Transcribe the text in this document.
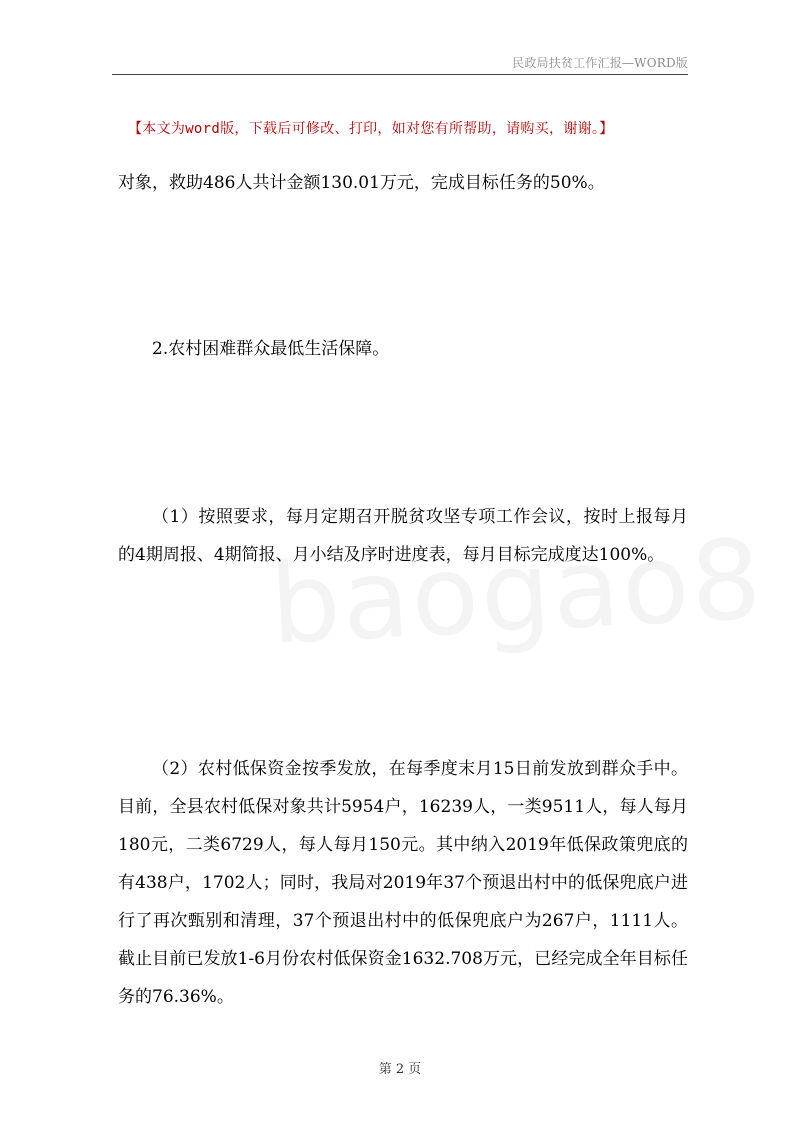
民政局扶贫工作汇报—WORD版
【本文为word版，下载后可修改、打印，如对您有所帮助，请购买，谢谢。】
对象，救助486人共计金额130.01万元，完成目标任务的50%。
2.农村困难群众最低生活保障。
（1）按照要求，每月定期召开脱贫攻坚专项工作会议，按时上报每月的4期周报、4期简报、月小结及序时进度表，每月目标完成度达100%。
（2）农村低保资金按季发放，在每季度末月15日前发放到群众手中。目前，全县农村低保对象共计5954户，16239人，一类9511人，每人每月180元，二类6729人，每人每月150元。其中纳入2019年低保政策兜底的有438户，1702人；同时，我局对2019年37个预退出村中的低保兜底户进行了再次甄别和清理，37个预退出村中的低保兜底户为267户，1111人。截止目前已发放1-6月份农村低保资金1632.708万元，已经完成全年目标任务的76.36%。
第 2 页
